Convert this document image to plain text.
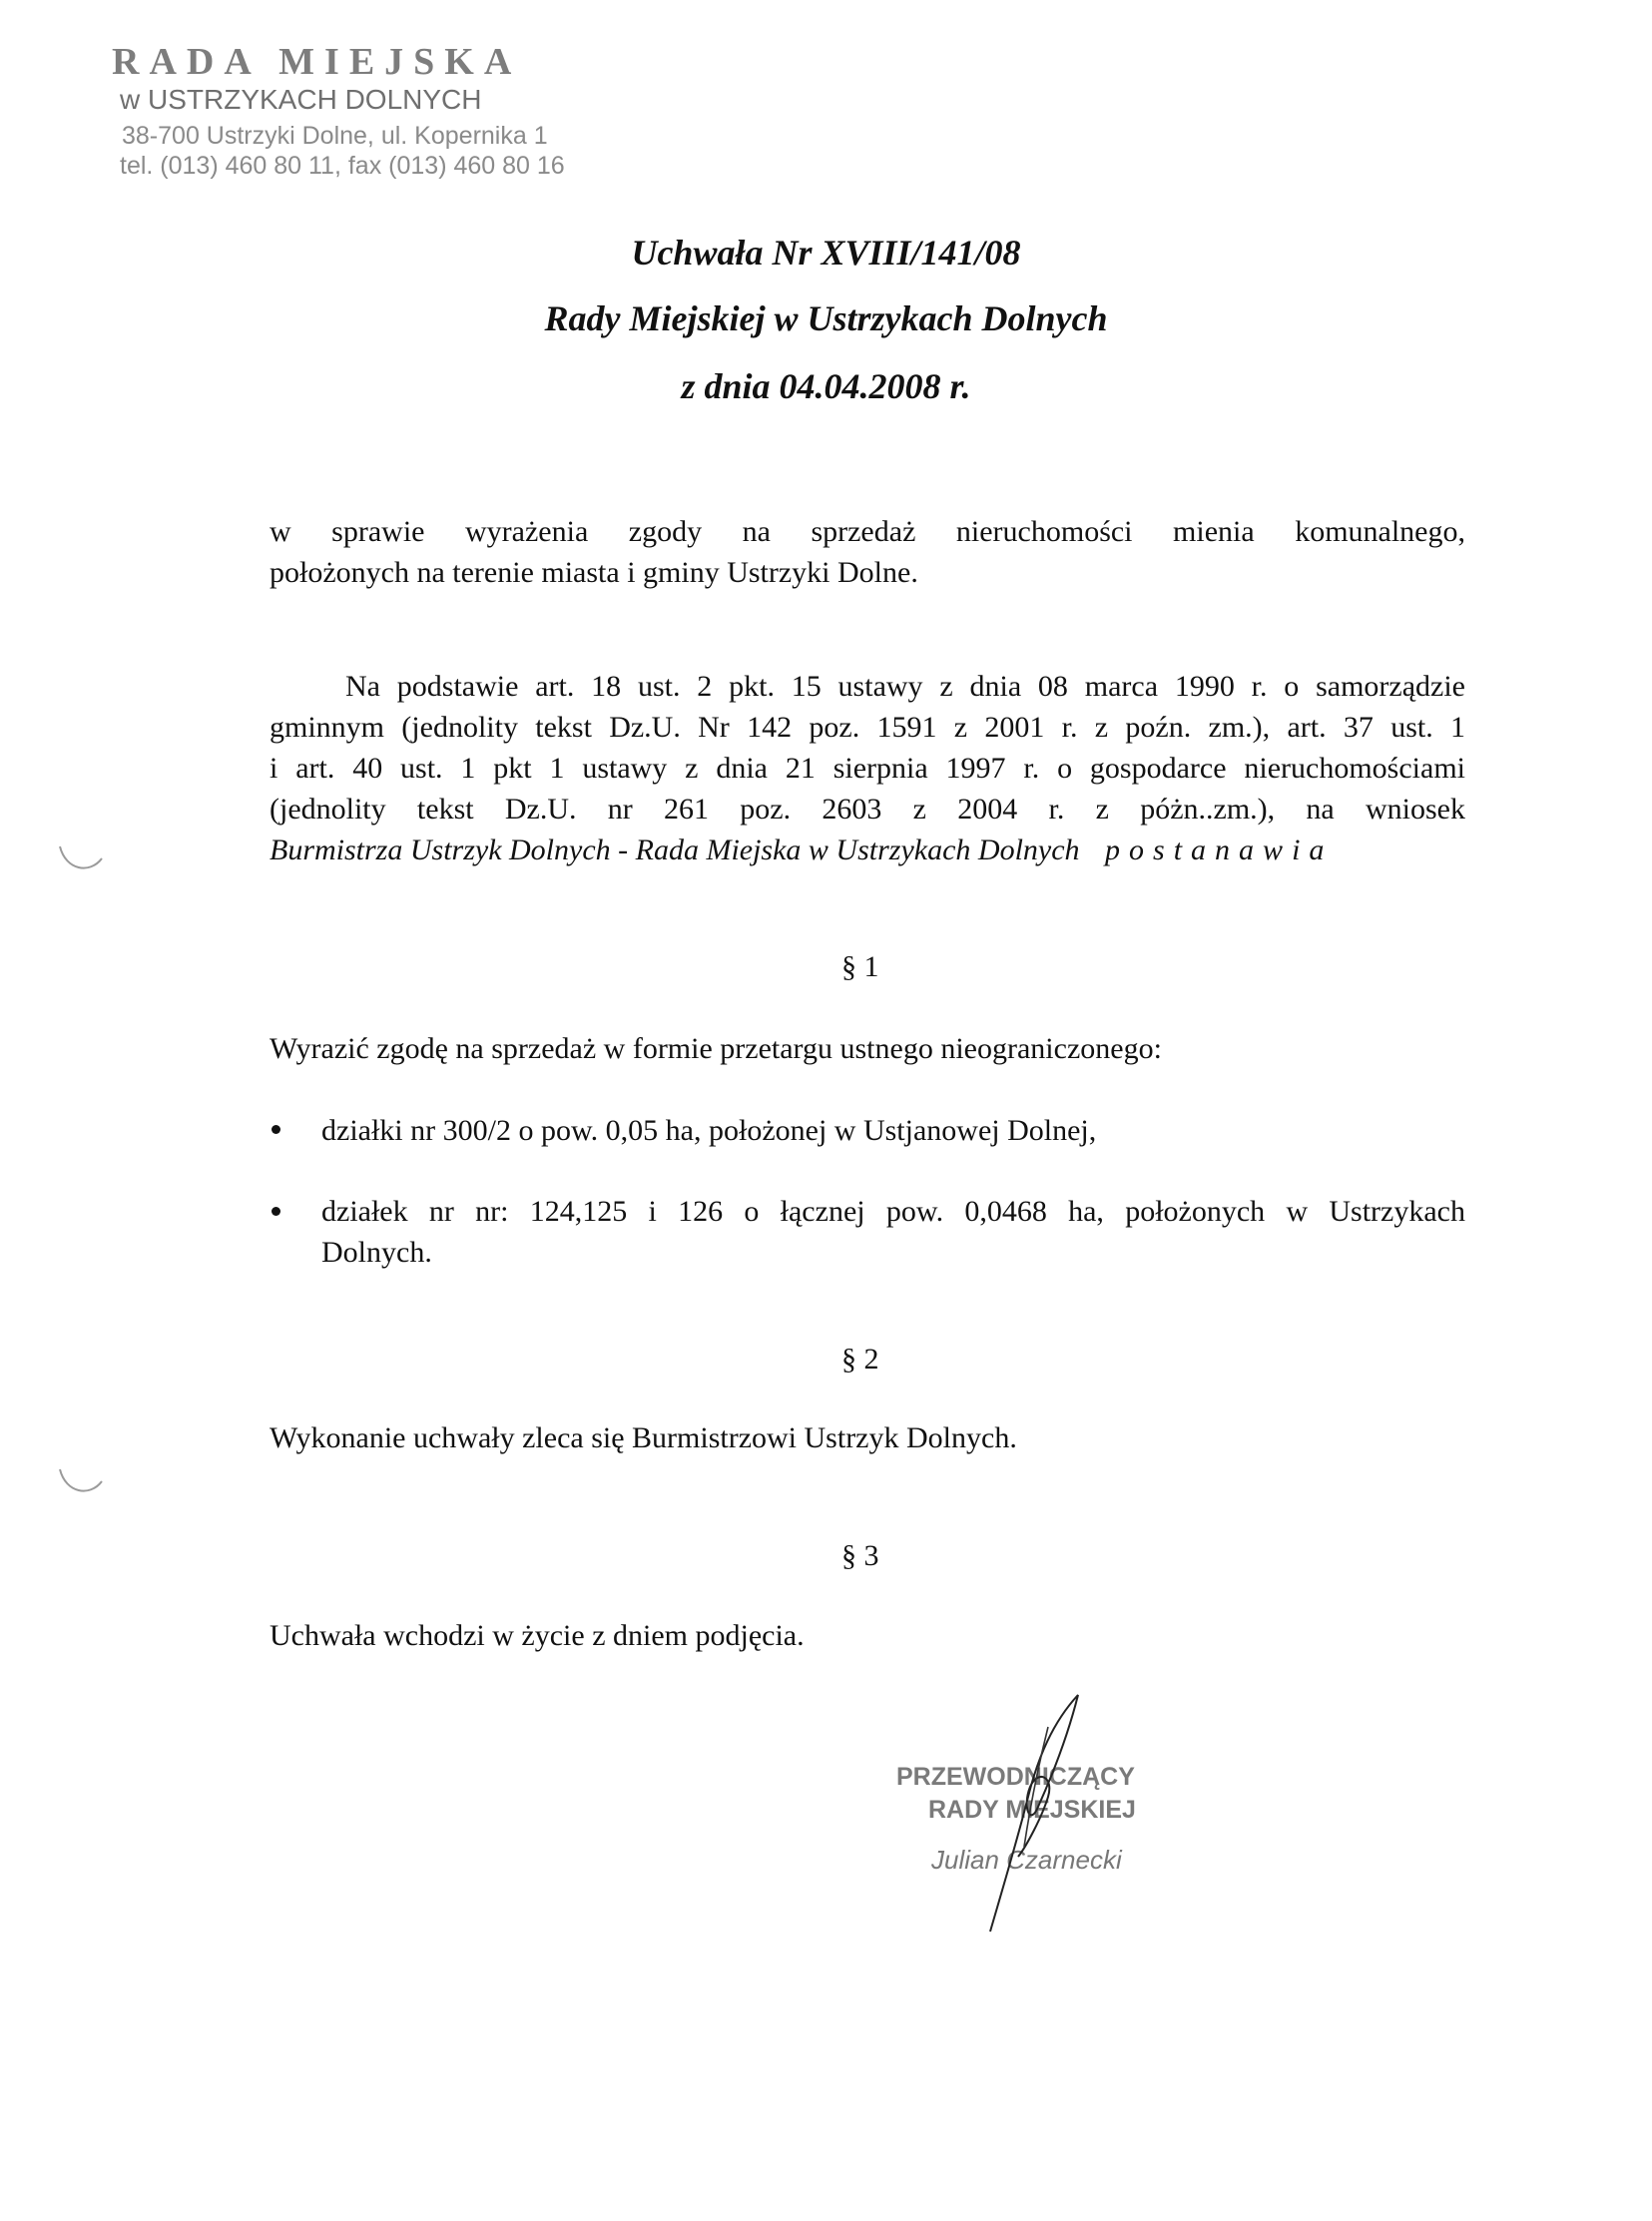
RADA MIEJSKA
w USTRZYKACH DOLNYCH
38-700 Ustrzyki Dolne, ul. Kopernika 1
tel. (013) 460 80 11, fax (013) 460 80 16
Uchwała Nr XVIII/141/08
Rady Miejskiej w Ustrzykach Dolnych
z dnia 04.04.2008 r.
w sprawie wyrażenia zgody na sprzedaż nieruchomości mienia komunalnego,
położonych na terenie miasta i gminy Ustrzyki Dolne.
Na podstawie art. 18 ust. 2 pkt. 15 ustawy z dnia 08 marca 1990 r. o samorządzie
gminnym (jednolity tekst Dz.U. Nr 142 poz. 1591 z 2001 r. z poźn. zm.), art. 37 ust. 1
i art. 40 ust. 1 pkt 1 ustawy z dnia 21 sierpnia 1997 r. o gospodarce nieruchomościami
(jednolity tekst Dz.U. nr 261 poz. 2603 z 2004 r. z póżn..zm.), na wniosek
Burmistrza Ustrzyk Dolnych - Rada Miejska w Ustrzykach Dolnych postanawia
§ 1
Wyrazić zgodę na sprzedaż w formie przetargu ustnego nieograniczonego:
działki nr 300/2 o pow. 0,05 ha, położonej w Ustjanowej Dolnej,
działek nr nr: 124,125 i 126 o łącznej pow. 0,0468 ha, położonych w Ustrzykach
Dolnych.
§ 2
Wykonanie uchwały zleca się Burmistrzowi Ustrzyk Dolnych.
§ 3
Uchwała wchodzi w życie z dniem podjęcia.
PRZEWODNICZĄCY
RADY MIEJSKIEJ
Julian Czarnecki
